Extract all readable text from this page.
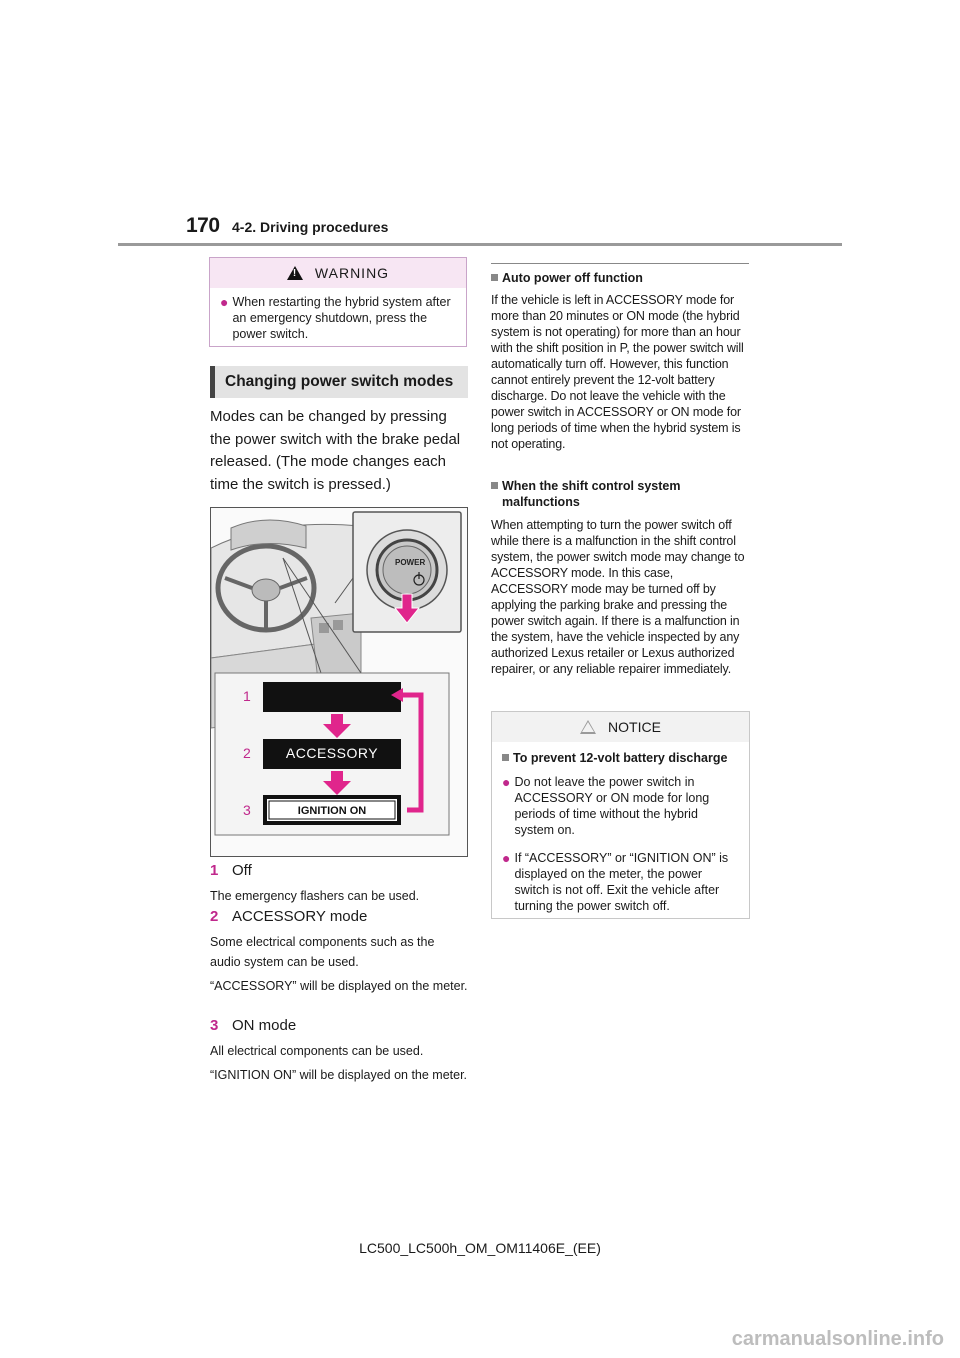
170 4-2. Driving procedures
!
WARNING
● When restarting the hybrid system after an emergency shutdown, press the power switch.
Changing power switch modes
Modes can be changed by pressing the power switch with the brake pedal released. (The mode changes each time the switch is pressed.)
POWER
1
2
3
ACCESSORY
IGNITION ON
1 Off
The emergency flashers can be used.
2 ACCESSORY mode
Some electrical components such as the audio system can be used.
“ACCESSORY” will be displayed on the meter.
3 ON mode
All electrical components can be used.
“IGNITION ON” will be displayed on the meter.
Auto power off function
If the vehicle is left in ACCESSORY mode for more than 20 minutes or ON mode (the hybrid system is not operating) for more than an hour with the shift position in P, the power switch will automatically turn off. However, this function cannot entirely prevent the 12-volt battery discharge. Do not leave the vehicle with the power switch in ACCESSORY or ON mode for long periods of time when the hybrid system is not operating.
When the shift control system malfunctions
When attempting to turn the power switch off while there is a malfunction in the shift control system, the power switch mode may change to ACCESSORY mode. In this case, ACCESSORY mode may be turned off by applying the parking brake and pressing the power switch again. If there is a malfunction in the system, have the vehicle inspected by any authorized Lexus retailer or Lexus authorized repairer, or any reliable repairer immediately.
NOTICE
To prevent 12-volt battery discharge
● Do not leave the power switch in ACCESSORY or ON mode for long periods of time without the hybrid system on.
● If “ACCESSORY” or “IGNITION ON” is displayed on the meter, the power switch is not off. Exit the vehicle after turning the power switch off.
LC500_LC500h_OM_OM11406E_(EE)
carmanualsonline.info
